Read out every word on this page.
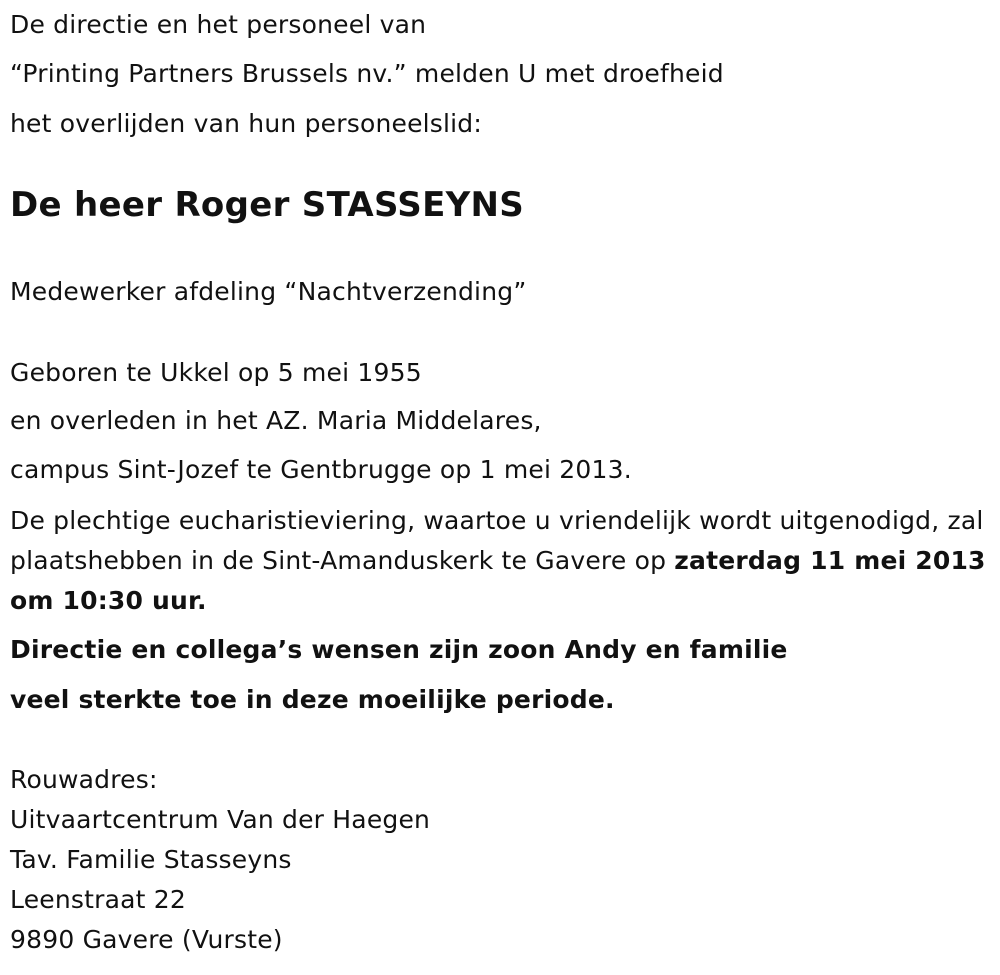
De directie en het personeel van
“Printing Partners Brussels nv.” melden U met droefheid
het overlijden van hun personeelslid:
De heer Roger STASSEYNS
Medewerker afdeling “Nachtverzending”
Geboren te Ukkel op 5 mei 1955
en overleden in het AZ. Maria Middelares,
campus Sint-Jozef te Gentbrugge op 1 mei 2013.
De plechtige eucharistieviering, waartoe u vriendelijk wordt uitgenodigd, zal plaatshebben in de Sint-Amanduskerk te Gavere op zaterdag 11 mei 2013 om 10:30 uur.
Directie en collega’s wensen zijn zoon Andy en familie
veel sterkte toe in deze moeilijke periode.
Rouwadres:
Uitvaartcentrum Van der Haegen
Tav. Familie Stasseyns
Leenstraat 22
9890 Gavere (Vurste)
